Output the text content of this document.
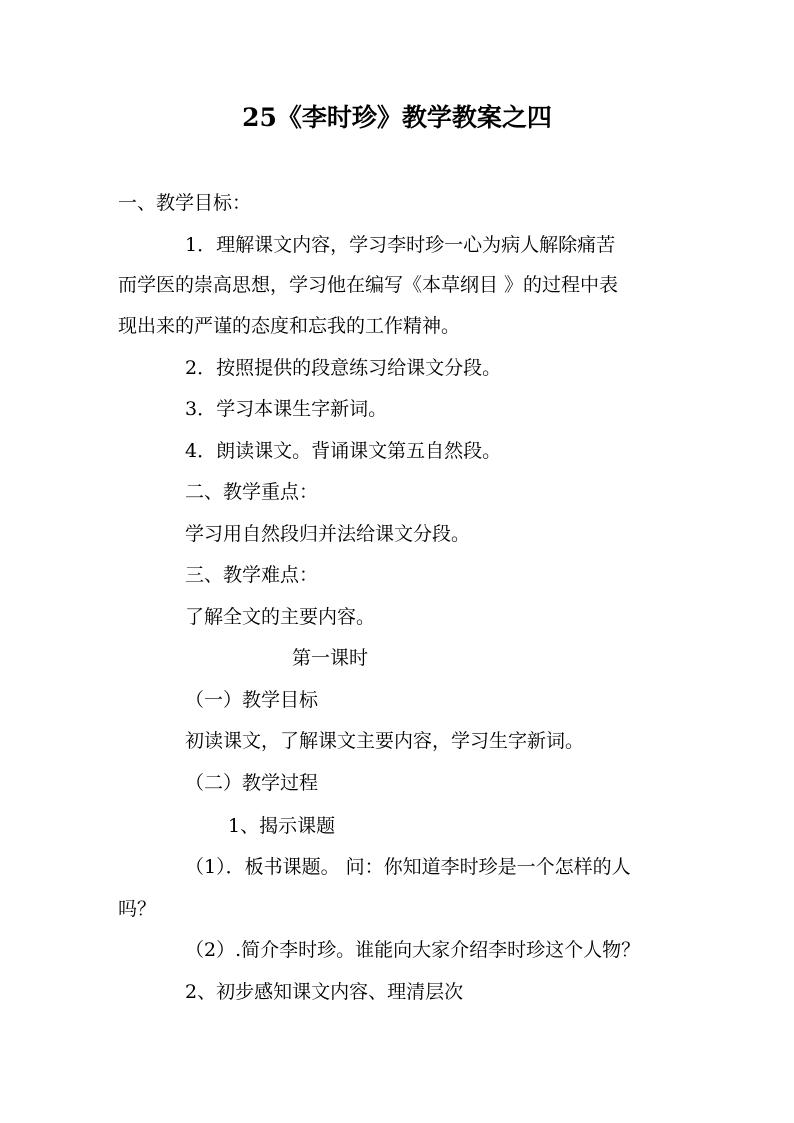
25《李时珍》教学教案之四
一、教学目标：
1．理解课文内容，学习李时珍一心为病人解除痛苦
而学医的崇高思想，学习他在编写《本草纲目 》的过程中表
现出来的严谨的态度和忘我的工作精神。
2．按照提供的段意练习给课文分段。
3．学习本课生字新词。
4．朗读课文。背诵课文第五自然段。
二、教学重点：
学习用自然段归并法给课文分段。
三、教学难点：
了解全文的主要内容。
第一课时
（一）教学目标
初读课文，了解课文主要内容，学习生字新词。
（二）教学过程
1、揭示课题
（1）．板书课题。 问：你知道李时珍是一个怎样的人
吗？
（2）.简介李时珍。谁能向大家介绍李时珍这个人物？
2、初步感知课文内容、理清层次
